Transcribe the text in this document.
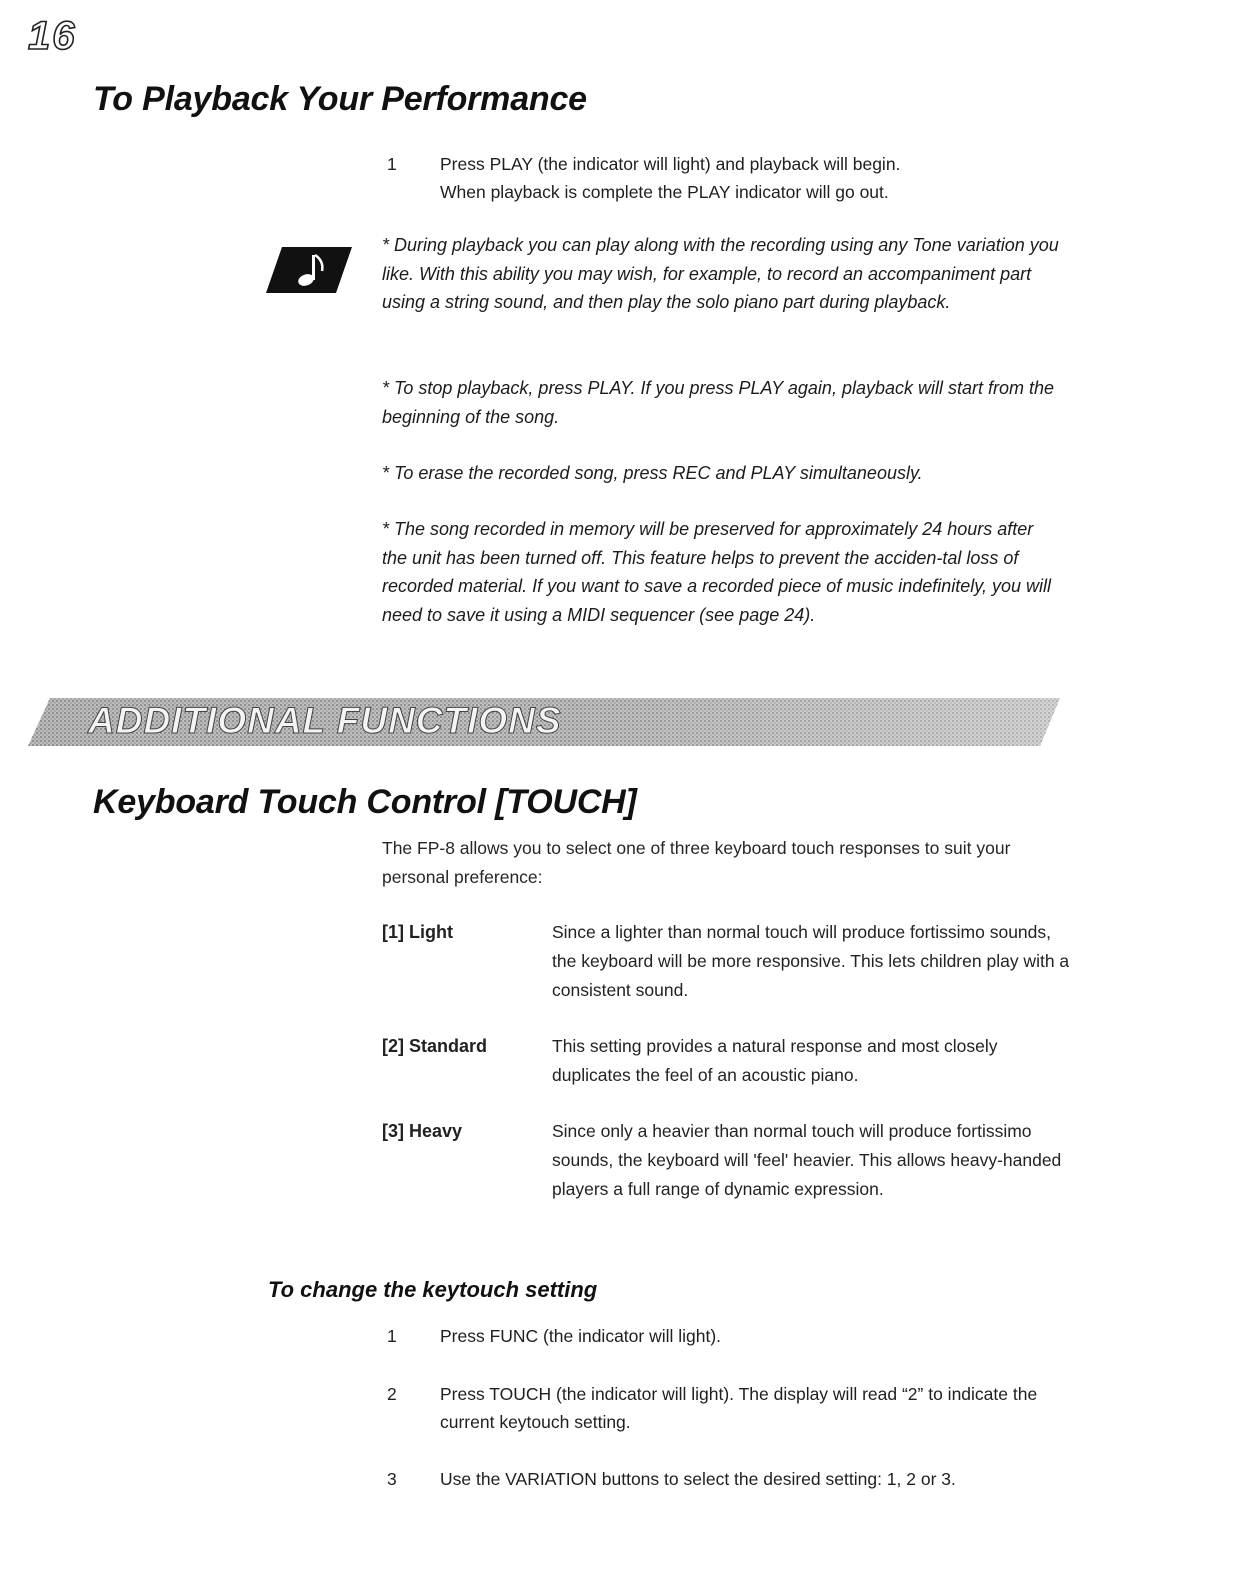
16
To Playback Your Performance
1	Press PLAY (the indicator will light) and playback will begin.
When playback is complete the PLAY indicator will go out.

* During playback you can play along with the recording using any Tone variation you like. With this ability you may wish, for example, to record an accompaniment part using a string sound, and then play the solo piano part during playback.

* To stop playback, press PLAY. If you press PLAY again, playback will start from the beginning of the song.

* To erase the recorded song, press REC and PLAY simultaneously.

* The song recorded in memory will be preserved for approximately 24 hours after the unit has been turned off. This feature helps to prevent the acciden-tal loss of recorded material. If you want to save a recorded piece of music indefinitely, you will need to save it using a MIDI sequencer (see page 24).

ADDITIONAL FUNCTIONS
Keyboard Touch Control [TOUCH]

The FP-8 allows you to select one of three keyboard touch responses to suit your personal preference:

[1] Light	Since a lighter than normal touch will produce fortissimo sounds, the keyboard will be more responsive. This lets children play with a consistent sound.

[2] Standard	This setting provides a natural response and most closely duplicates the feel of an acoustic piano.

[3] Heavy	Since only a heavier than normal touch will produce fortissimo sounds, the keyboard will 'feel' heavier. This allows heavy-handed players a full range of dynamic expression.

To change the keytouch setting
1	Press FUNC (the indicator will light).
2	Press TOUCH (the indicator will light). The display will read “2” to indicate the current keytouch setting.
3	Use the VARIATION buttons to select the desired setting: 1, 2 or 3.
